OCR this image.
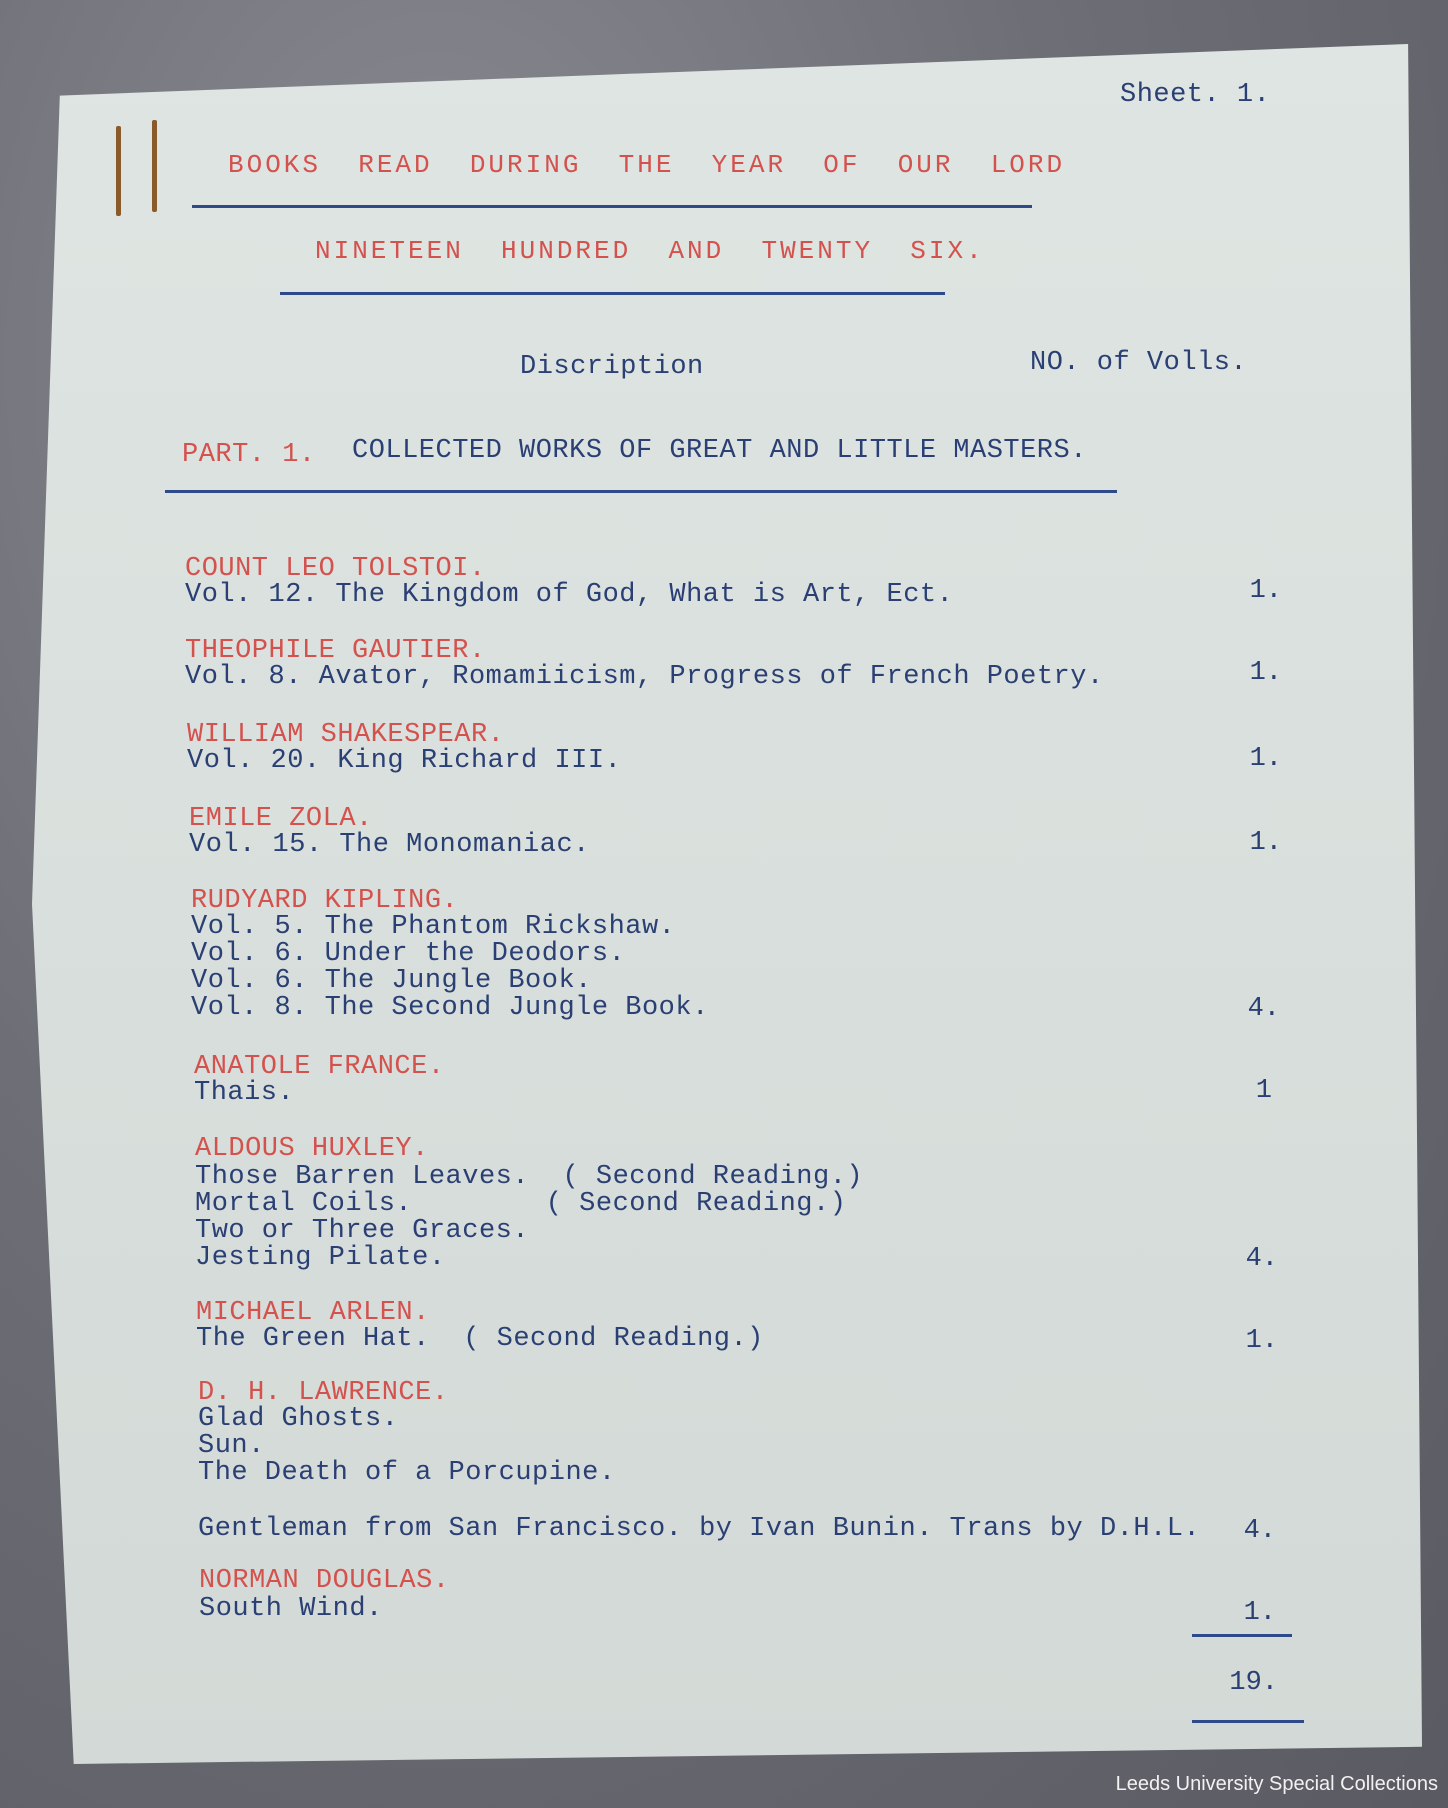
Sheet. 1.
BOOKS  READ  DURING  THE  YEAR  OF  OUR  LORD
NINETEEN  HUNDRED  AND  TWENTY  SIX.
Discription	NO. of Volls.
PART. 1. COLLECTED WORKS OF GREAT AND LITTLE MASTERS.
COUNT LEO TOLSTOI.
Vol. 12. The Kingdom of God, What is Art, Ect.	1.
THEOPHILE GAUTIER.
Vol. 8. Avator, Romamiicism, Progress of French Poetry.	1.
WILLIAM SHAKESPEAR.
Vol. 20. King Richard III.	1.
EMILE ZOLA.
Vol. 15. The Monomaniac.	1.
RUDYARD KIPLING.
Vol. 5. The Phantom Rickshaw.
Vol. 6. Under the Deodors.
Vol. 6. The Jungle Book.
Vol. 8. The Second Jungle Book.	4.
ANATOLE FRANCE.
Thais.	1
ALDOUS HUXLEY.
Those Barren Leaves.  ( Second Reading.)
Mortal Coils.        ( Second Reading.)
Two or Three Graces.
Jesting Pilate.	4.
MICHAEL ARLEN.
The Green Hat.  ( Second Reading.)	1.
D. H. LAWRENCE.
Glad Ghosts.
Sun.
The Death of a Porcupine.
Gentleman from San Francisco. by Ivan Bunin. Trans by D.H.L.	4.
NORMAN DOUGLAS.
South Wind.	1.
19.
Leeds University Special Collections
